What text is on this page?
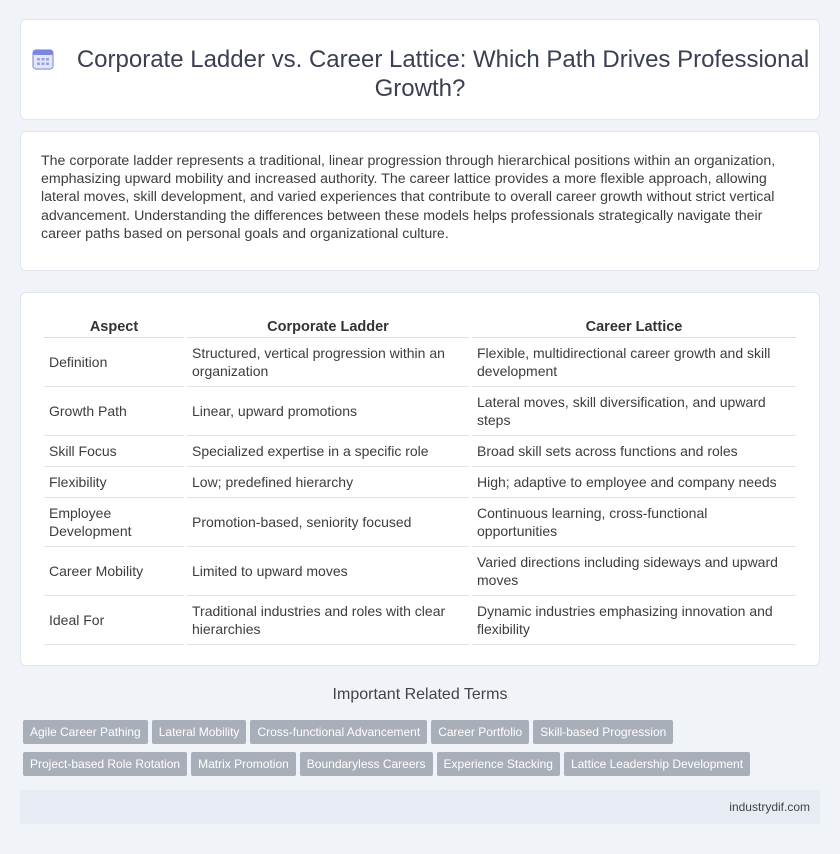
Corporate Ladder vs. Career Lattice: Which Path Drives Professional Growth?

The corporate ladder represents a traditional, linear progression through hierarchical positions within an organization, emphasizing upward mobility and increased authority. The career lattice provides a more flexible approach, allowing lateral moves, skill development, and varied experiences that contribute to overall career growth without strict vertical advancement. Understanding the differences between these models helps professionals strategically navigate their career paths based on personal goals and organizational culture.

Aspect	Corporate Ladder	Career Lattice
Definition	Structured, vertical progression within an organization	Flexible, multidirectional career growth and skill development
Growth Path	Linear, upward promotions	Lateral moves, skill diversification, and upward steps
Skill Focus	Specialized expertise in a specific role	Broad skill sets across functions and roles
Flexibility	Low; predefined hierarchy	High; adaptive to employee and company needs
Employee Development	Promotion-based, seniority focused	Continuous learning, cross-functional opportunities
Career Mobility	Limited to upward moves	Varied directions including sideways and upward moves
Ideal For	Traditional industries and roles with clear hierarchies	Dynamic industries emphasizing innovation and flexibility
Important Related Terms
Agile Career Pathing Lateral Mobility Cross-functional Advancement Career Portfolio Skill-based Progression
Project-based Role Rotation Matrix Promotion Boundaryless Careers Experience Stacking Lattice Leadership Development
industrydif.com
